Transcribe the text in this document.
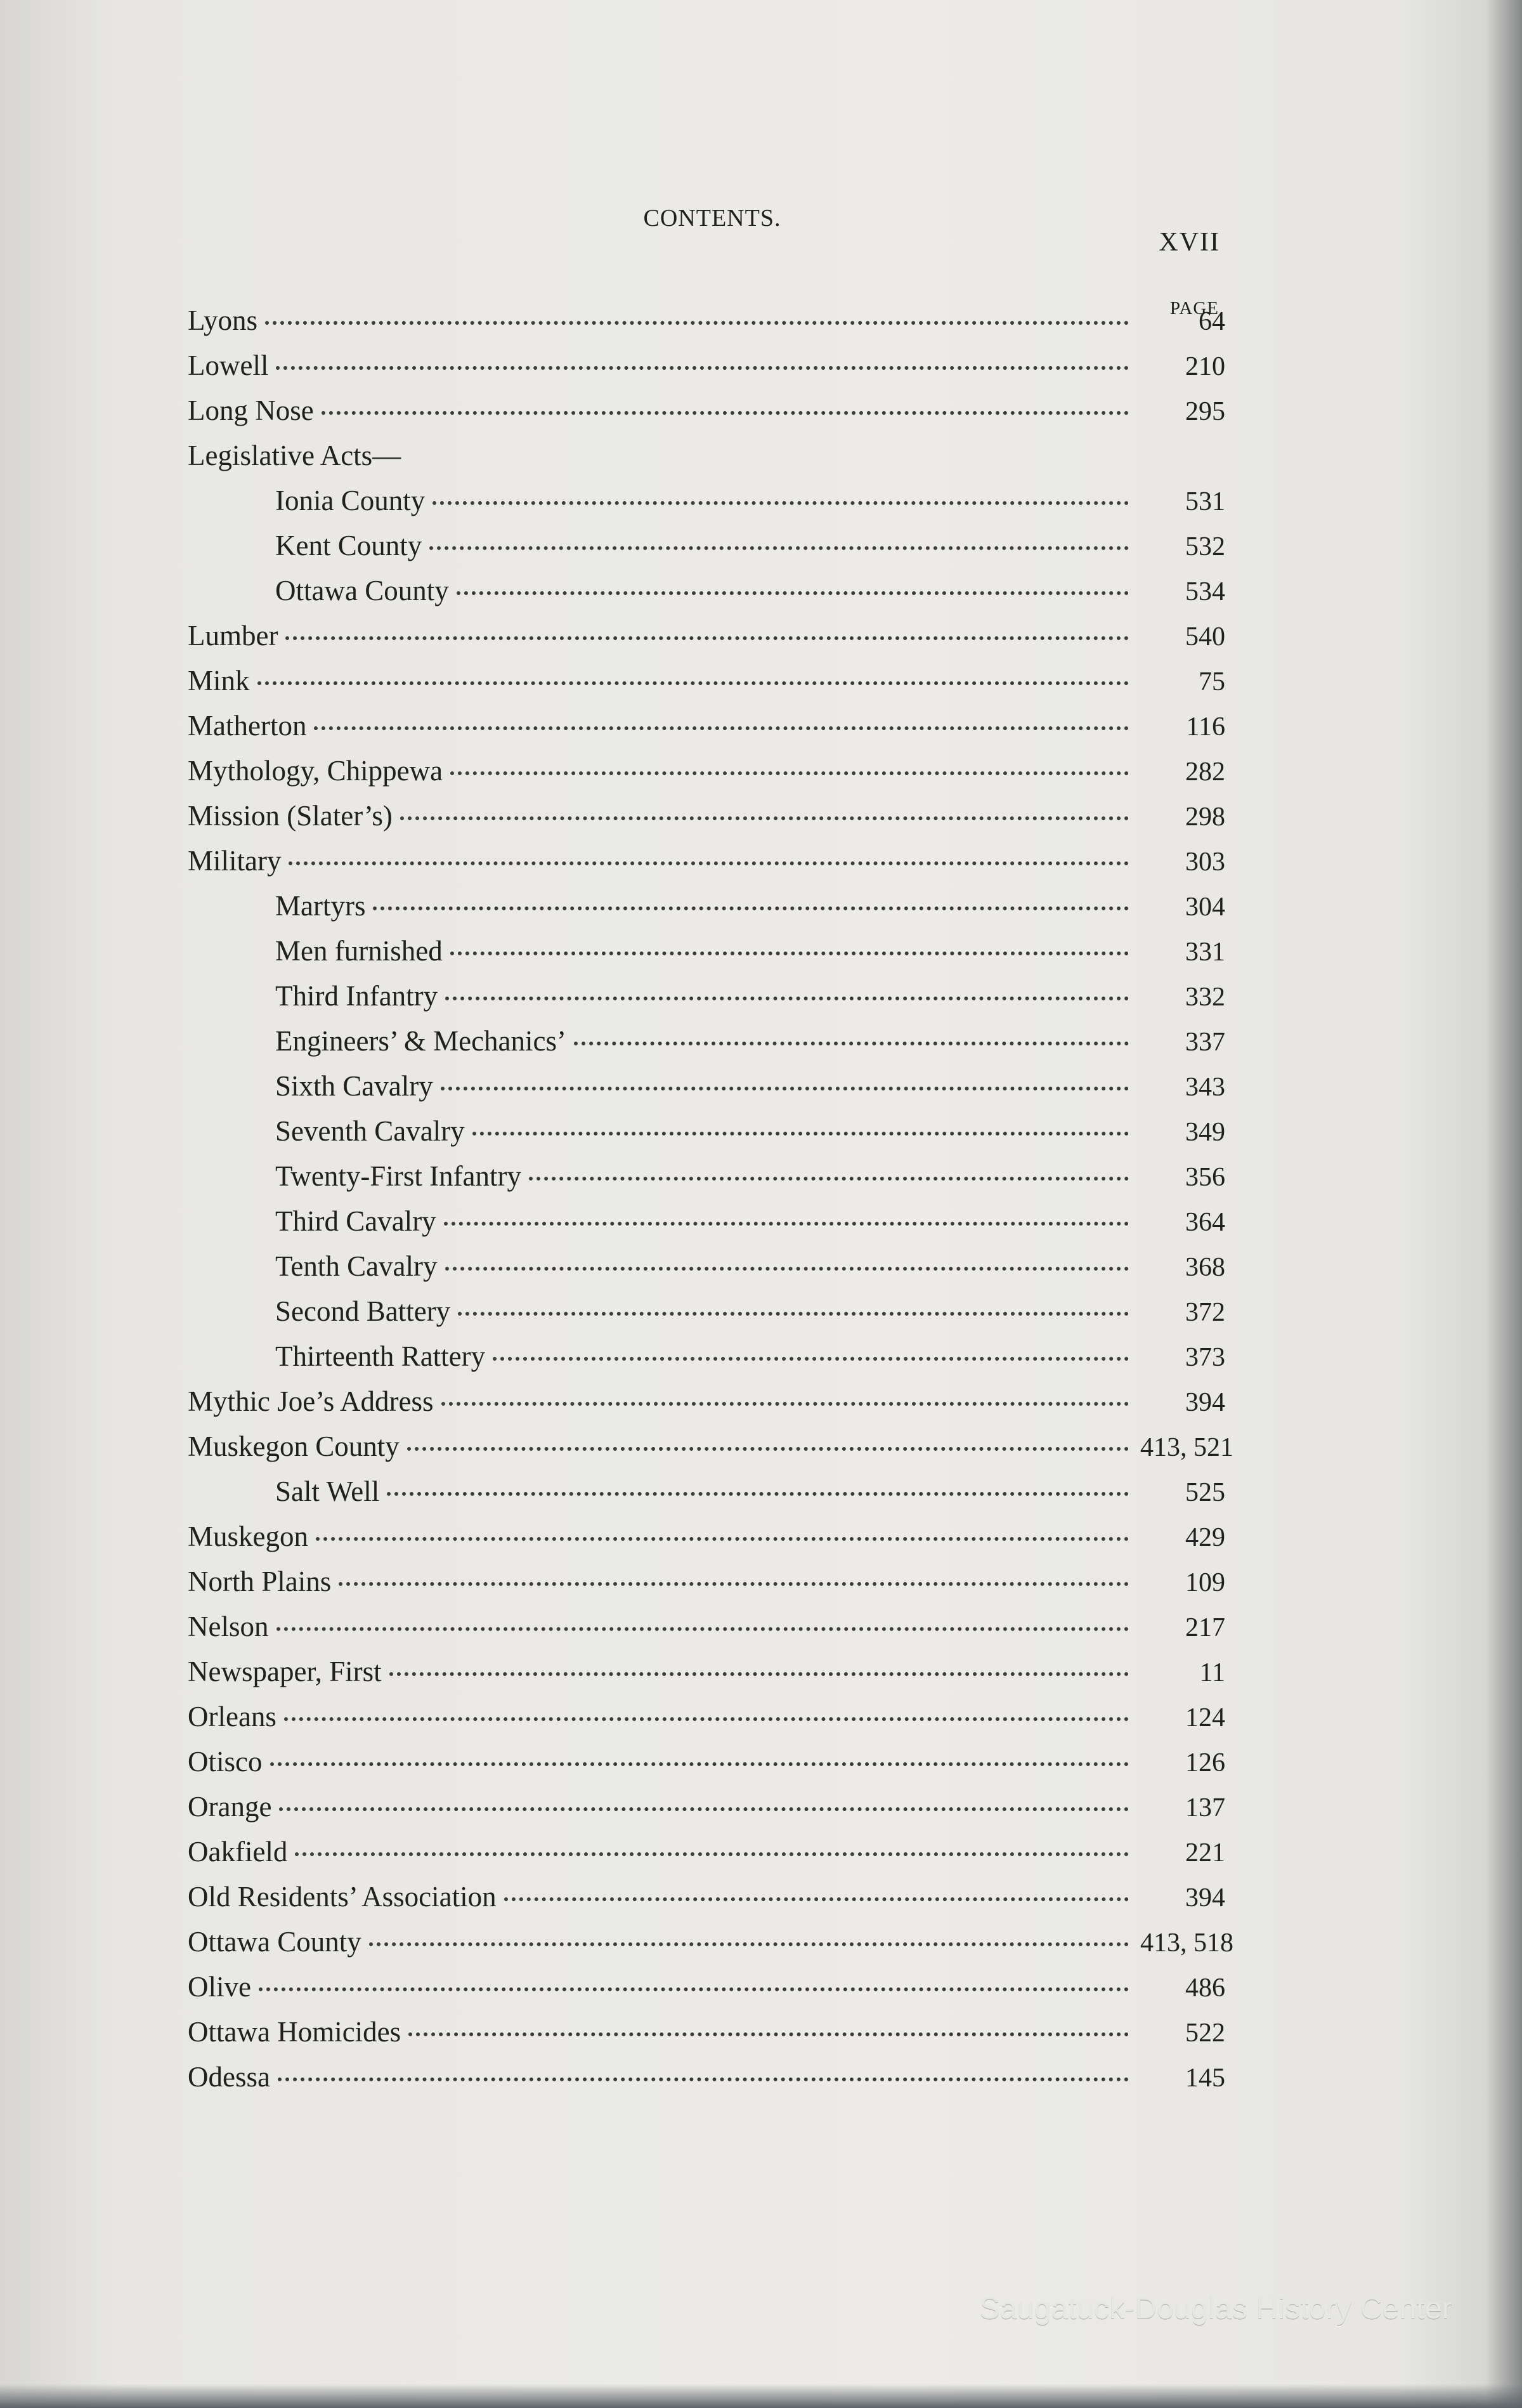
CONTENTS.
XVII
PAGE
Lyons	64
Lowell	210
Long Nose	295
Legislative Acts—
Ionia County	531
Kent County	532
Ottawa County	534
Lumber	540
Mink	75
Matherton	116
Mythology, Chippewa	282
Mission (Slater’s)	298
Military	303
Martyrs	304
Men furnished	331
Third Infantry	332
Engineers’ & Mechanics’	337
Sixth Cavalry	343
Seventh Cavalry	349
Twenty-First Infantry	356
Third Cavalry	364
Tenth Cavalry	368
Second Battery	372
Thirteenth Rattery	373
Mythic Joe’s Address	394
Muskegon County	413, 521
Salt Well	525
Muskegon	429
North Plains	109
Nelson	217
Newspaper, First	11
Orleans	124
Otisco	126
Orange	137
Oakfield	221
Old Residents’ Association	394
Ottawa County	413, 518
Olive	486
Ottawa Homicides	522
Odessa	145
Saugatuck-Douglas History Center
